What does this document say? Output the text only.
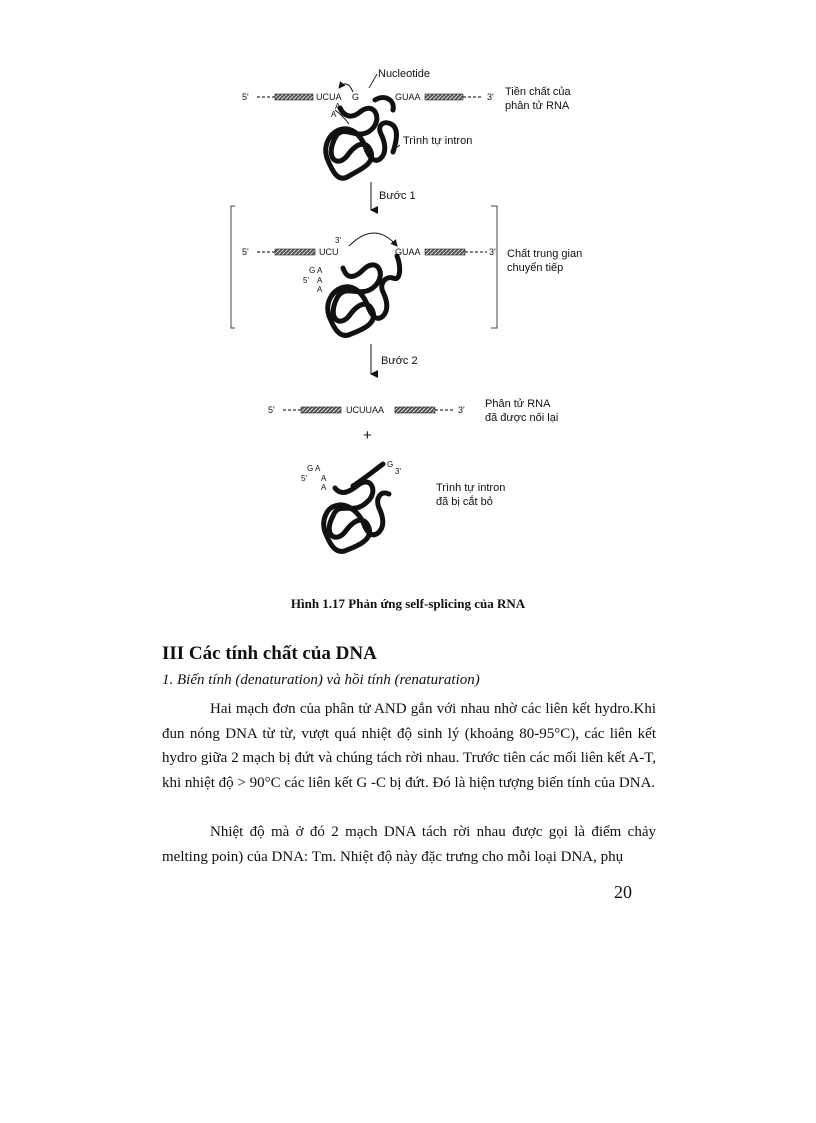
5'	UCUA G	GUAA	3'
A
A
Nucleotide
Tiền chất của
phân tử RNA
Trình tự intron
Bước 1
5'	UCU
3'
GUAA	3'
G A
5' A
A
Chất trung gian
chuyển tiếp
Bước 2
5'	UCUUAA	3' Phân tử RNA
đã được nối lại
+
G A
5' A
A
G
3'
Trình tự intron
đã bị cắt bỏ
Hình 1.17 Phản ứng self-splicing của RNA
III Các tính chất của DNA
1. Biến tính (denaturation) và hồi tính (renaturation)

Hai mạch đơn của phân tử AND gắn với nhau nhờ các liên kết hydro.Khi đun nóng DNA từ từ, vượt quá nhiệt độ sinh lý (khoảng 80-95°C), các liên kết hydro giữa 2 mạch bị đứt và chúng tách rời nhau. Trước tiên các mối liên kết A-T, khi nhiệt độ > 90°C các liên kết G -C bị đứt. Đó là hiện tượng biến tính của DNA.

Nhiệt độ mà ở đó 2 mạch DNA tách rời nhau được gọi là điểm chảy melting poin) của DNA: Tm. Nhiệt độ này đặc trưng cho mỗi loại DNA, phụ

20
